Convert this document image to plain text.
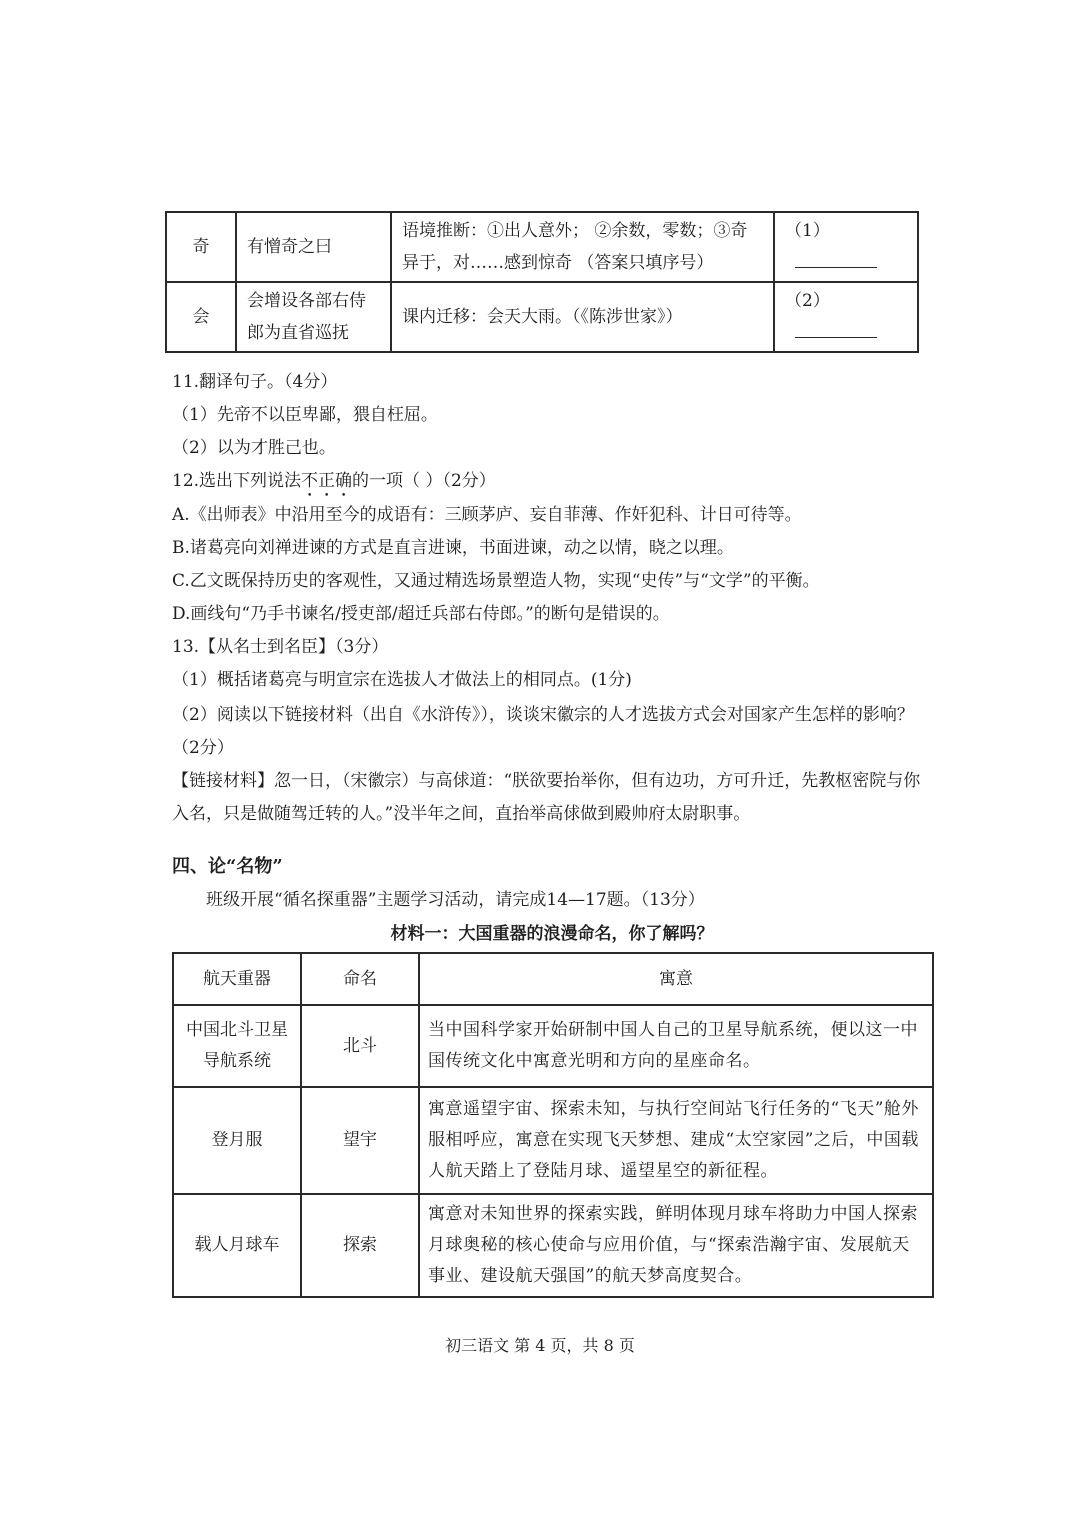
奇	有憎奇之曰	语境推断：①出人意外； ②余数，零数；③奇异于，对……感到惊奇 （答案只填序号）	（1）
会	会增设各部右侍郎为直省巡抚	课内迁移：会天大雨。（《陈涉世家》）	（2）
11.翻译句子。（4分）
（1）先帝不以臣卑鄙，猥自枉屈。
（2）以为才胜己也。
12.选出下列说法不正确的一项（ ）（2分）
A.《出师表》中沿用至今的成语有：三顾茅庐、妄自菲薄、作奸犯科、计日可待等。
B.诸葛亮向刘禅进谏的方式是直言进谏，书面进谏，动之以情，晓之以理。
C.乙文既保持历史的客观性，又通过精选场景塑造人物，实现“史传”与“文学”的平衡。
D.画线句“乃手书谏名/授吏部/超迁兵部右侍郎。”的断句是错误的。
13.【从名士到名臣】（3分）
（1）概括诸葛亮与明宣宗在选拔人才做法上的相同点。(1分)
（2）阅读以下链接材料（出自《水浒传》），谈谈宋徽宗的人才选拔方式会对国家产生怎样的影响？（2分）
【链接材料】忽一日，（宋徽宗）与高俅道：“朕欲要抬举你，但有边功，方可升迁，先教枢密院与你入名，只是做随驾迁转的人。”没半年之间，直抬举高俅做到殿帅府太尉职事。
四、论“名物”
班级开展“循名探重器”主题学习活动，请完成14—17题。（13分）
材料一：大国重器的浪漫命名，你了解吗？
航天重器	命名	寓意
中国北斗卫星导航系统	北斗	当中国科学家开始研制中国人自己的卫星导航系统，便以这一中国传统文化中寓意光明和方向的星座命名。
登月服	望宇	寓意遥望宇宙、探索未知，与执行空间站飞行任务的“飞天”舱外服相呼应，寓意在实现飞天梦想、建成“太空家园”之后，中国载人航天踏上了登陆月球、遥望星空的新征程。
载人月球车	探索	寓意对未知世界的探索实践，鲜明体现月球车将助力中国人探索月球奥秘的核心使命与应用价值，与“探索浩瀚宇宙、发展航天事业、建设航天强国”的航天梦高度契合。
初三语文 第 4 页，共 8 页
